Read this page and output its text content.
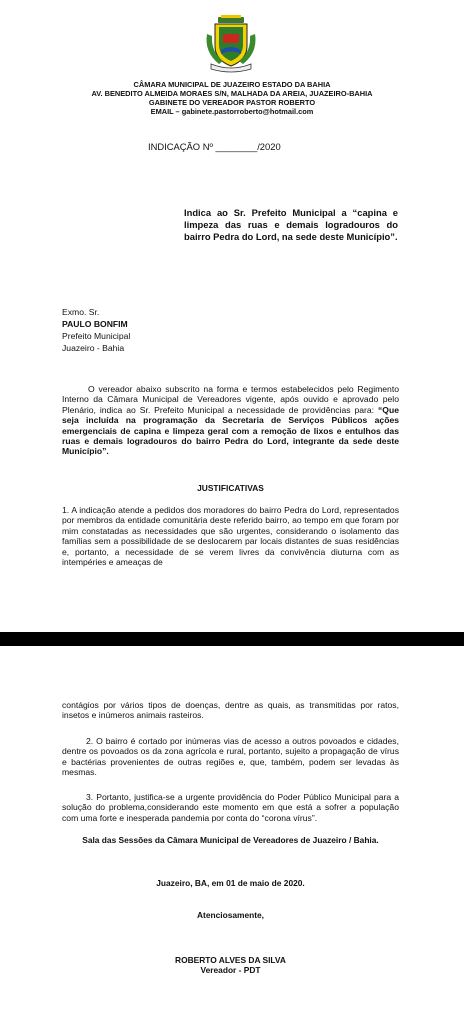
CÂMARA MUNICIPAL DE JUAZEIRO ESTADO DA BAHIA
AV. BENEDITO ALMEIDA MORAES S/N, MALHADA DA AREIA, JUAZEIRO-BAHIA
GABINETE DO VEREADOR PASTOR ROBERTO
EMAIL – gabinete.pastorroberto@hotmail.com
INDICAÇÃO Nº ________/2020
Indica ao Sr. Prefeito Municipal a “capina e limpeza das ruas e demais logradouros do bairro Pedra do Lord, na sede deste Município”.
Exmo. Sr.
PAULO BONFIM
Prefeito Municipal
Juazeiro - Bahia
O vereador abaixo subscrito na forma e termos estabelecidos pelo Regimento Interno da Câmara Municipal de Vereadores vigente, após ouvido e aprovado pelo Plenário, indica ao Sr. Prefeito Municipal a necessidade de providências para: “Que seja incluída na programação da Secretaria de Serviços Públicos ações emergenciais de capina e limpeza geral com a remoção de lixos e entulhos das ruas e demais logradouros do bairro Pedra do Lord, integrante da sede deste Município”.
JUSTIFICATIVAS
1. A indicação atende a pedidos dos moradores do bairro Pedra do Lord, representados por membros da entidade comunitária deste referido bairro, ao tempo em que foram por mim constatadas as necessidades que são urgentes, considerando o isolamento das famílias sem a possibilidade de se deslocarem par locais distantes de suas residências e, portanto, a necessidade de se verem livres da convivência diuturna com as intempéries e ameaças de
contágios por vários tipos de doenças, dentre as quais, as transmitidas por ratos, insetos e inúmeros animais rasteiros.
2. O bairro é cortado por inúmeras vias de acesso a outros povoados e cidades, dentre os povoados os da zona agrícola e rural, portanto, sujeito a propagação de vírus e bactérias provenientes de outras regiões e, que, também, podem ser levadas às mesmas.
3. Portanto, justifica-se a urgente providência do Poder Público Municipal para a solução do problema,considerando este momento em que está a sofrer a população com uma forte e inesperada pandemia por conta do “corona vírus”.
Sala das Sessões da Câmara Municipal de Vereadores de Juazeiro / Bahia.
Juazeiro, BA, em 01 de maio de 2020.
Atenciosamente,
ROBERTO ALVES DA SILVA
Vereador - PDT
